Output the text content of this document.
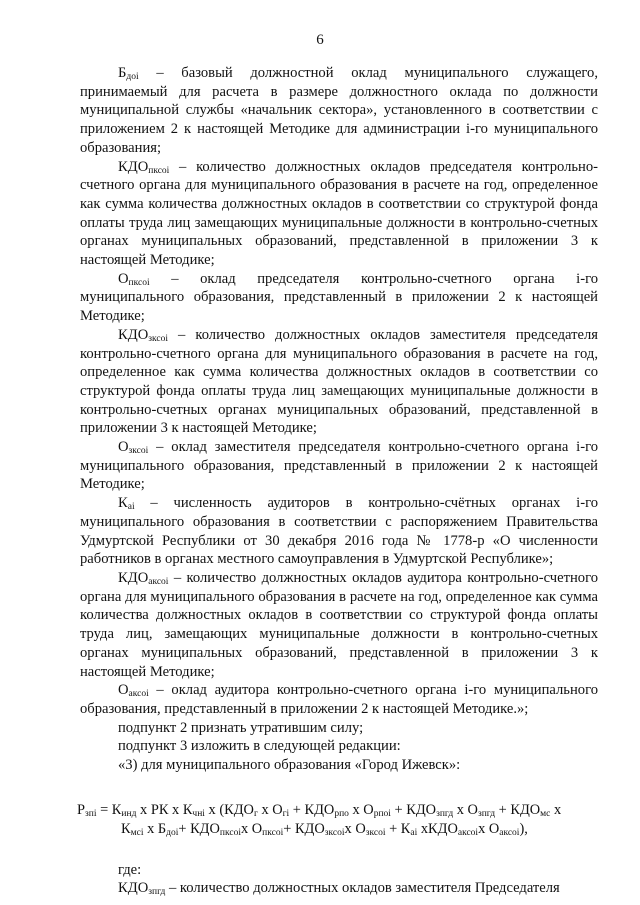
6

$Б_{доi}$ – базовый должностной оклад муниципального служащего, принимаемый для расчета в размере должностного оклада по должности муниципальной службы «начальник сектора», установленного в соответствии с приложением 2 к настоящей Методике для администрации i-го муниципального образования;

$КДО_{пксоi}$ – количество должностных окладов председателя контрольно-счетного органа для муниципального образования в расчете на год, определенное как сумма количества должностных окладов в соответствии со структурой фонда оплаты труда лиц замещающих муниципальные должности в контрольно-счетных органах муниципальных образований, представленной в приложении 3 к настоящей Методике;

$О_{пксоi}$ – оклад председателя контрольно-счетного органа i-го муниципального образования, представленный в приложении 2 к настоящей Методике;

$КДО_{зксоi}$ – количество должностных окладов заместителя председателя контрольно-счетного органа для муниципального образования в расчете на год, определенное как сумма количества должностных окладов в соответствии со структурой фонда оплаты труда лиц замещающих муниципальные должности в контрольно-счетных органах муниципальных образований, представленной в приложении 3 к настоящей Методике;

$О_{зксоi}$ – оклад заместителя председателя контрольно-счетного органа i-го муниципального образования, представленный в приложении 2 к настоящей Методике;

$К_{аi}$ – численность аудиторов в контрольно-счётных органах i-го муниципального образования в соответствии с распоряжением Правительства Удмуртской Республики от 30 декабря 2016 года № 1778-р «О численности работников в органах местного самоуправления в Удмуртской Республике»;

$КДО_{аксоi}$ – количество должностных окладов аудитора контрольно-счетного органа для муниципального образования в расчете на год, определенное как сумма количества должностных окладов в соответствии со структурой фонда оплаты труда лиц, замещающих муниципальные должности в контрольно-счетных органах муниципальных образований, представленной в приложении 3 к настоящей Методике;

$О_{аксоi}$ – оклад аудитора контрольно-счетного органа i-го муниципального образования, представленный в приложении 2 к настоящей Методике.»;

подпункт 2 признать утратившим силу;

подпункт 3 изложить в следующей редакции:

«3) для муниципального образования «Город Ижевск»:

$Р_{зпi} = К_{инд}$ х РК х $К_{чнi}$ х ($КДО_г$ х $О_{гi} + КДО_{рпо}$ х $О_{рпоi} + КДО_{зпгд}$ х $О_{зпгд} + КДО_{мс}$ х
$К_{мсi}$ х $Б_{доi}+ КДО_{пксоi}х$ $О_{пксоi}+ КДО_{зксоi}х$ $О_{зксоi} + К_{аi}$ хКДО$_{аксоi}$х $О_{аксоi}$),

где:

$КДО_{зпгд}$ – количество должностных окладов заместителя Председателя
